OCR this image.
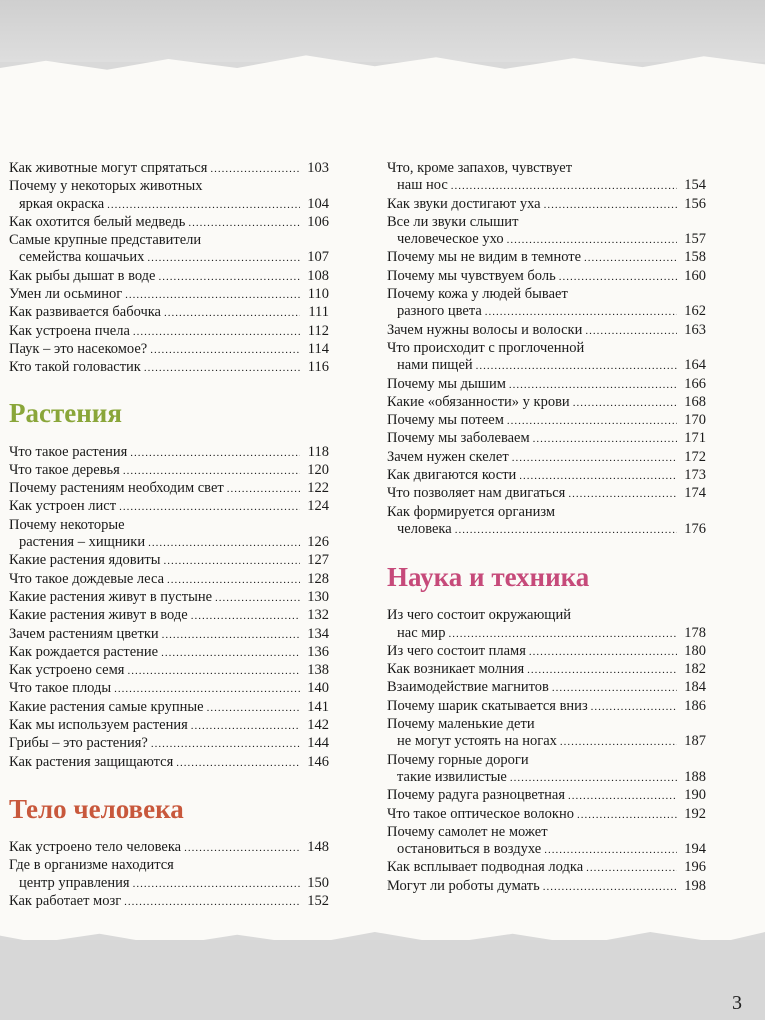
Как животные могут спрятаться .....	103
Почему у некоторых животных
яркая окраска .....	104
Как охотится белый медведь .....	106
Самые крупные представители
семейства кошачьих .....	107
Как рыбы дышат в воде .....	108
Умен ли осьминог .....	110
Как развивается бабочка .....	111
Как устроена пчела .....	112
Паук – это насекомое? .....	114
Кто такой головастик .....	116
Растения
Что такое растения .....	118
Что такое деревья .....	120
Почему растениям необходим свет .....	122
Как устроен лист .....	124
Почему некоторые
растения – хищники .....	126
Какие растения ядовиты .....	127
Что такое дождевые леса .....	128
Какие растения живут в пустыне .....	130
Какие растения живут в воде .....	132
Зачем растениям цветки .....	134
Как рождается растение .....	136
Как устроено семя .....	138
Что такое плоды .....	140
Какие растения самые крупные .....	141
Как мы используем растения .....	142
Грибы – это растения? .....	144
Как растения защищаются .....	146
Тело человека
Как устроено тело человека .....	148
Где в организме находится
центр управления .....	150
Как работает мозг .....	152
Что, кроме запахов, чувствует
наш нос .....	154
Как звуки достигают уха .....	156
Все ли звуки слышит
человеческое ухо .....	157
Почему мы не видим в темноте .....	158
Почему мы чувствуем боль .....	160
Почему кожа у людей бывает
разного цвета .....	162
Зачем нужны волосы и волоски .....	163
Что происходит с проглоченной
нами пищей .....	164
Почему мы дышим .....	166
Какие «обязанности» у крови .....	168
Почему мы потеем .....	170
Почему мы заболеваем .....	171
Зачем нужен скелет .....	172
Как двигаются кости .....	173
Что позволяет нам двигаться .....	174
Как формируется организм
человека .....	176
Наука и техника
Из чего состоит окружающий
нас мир .....	178
Из чего состоит пламя .....	180
Как возникает молния .....	182
Взаимодействие магнитов .....	184
Почему шарик скатывается вниз .....	186
Почему маленькие дети
не могут устоять на ногах .....	187
Почему горные дороги
такие извилистые .....	188
Почему радуга разноцветная .....	190
Что такое оптическое волокно .....	192
Почему самолет не может
остановиться в воздухе .....	194
Как всплывает подводная лодка .....	196
Могут ли роботы думать .....	198
3
